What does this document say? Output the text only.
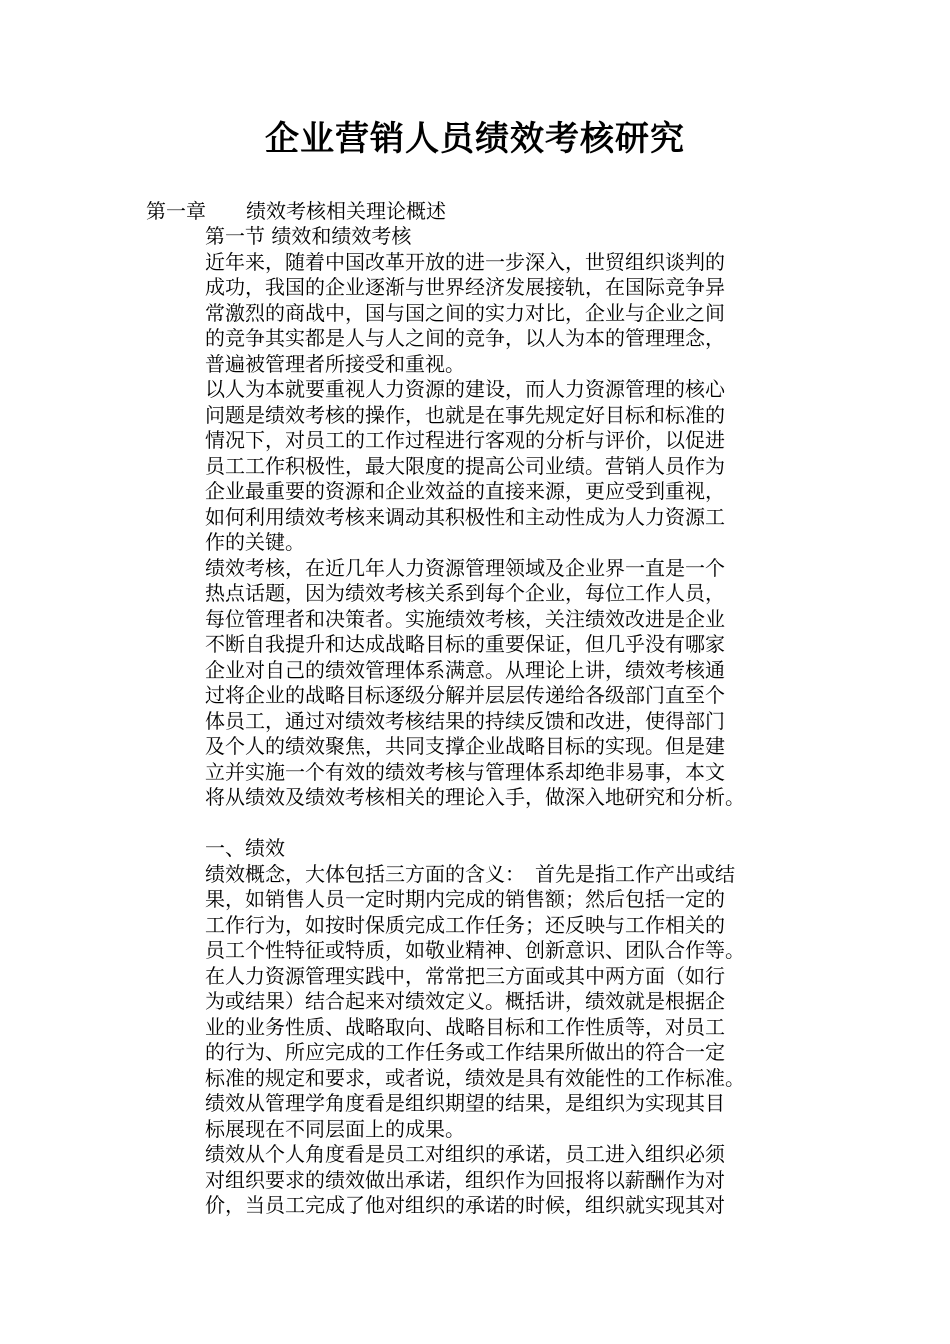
企业营销人员绩效考核研究
第一章　　绩效考核相关理论概述
第一节 绩效和绩效考核
近年来，随着中国改革开放的进一步深入，世贸组织谈判的
成功，我国的企业逐渐与世界经济发展接轨，在国际竞争异
常激烈的商战中，国与国之间的实力对比，企业与企业之间
的竞争其实都是人与人之间的竞争，以人为本的管理理念，
普遍被管理者所接受和重视。
以人为本就要重视人力资源的建设，而人力资源管理的核心
问题是绩效考核的操作，也就是在事先规定好目标和标准的
情况下，对员工的工作过程进行客观的分析与评价，以促进
员工工作积极性，最大限度的提高公司业绩。营销人员作为
企业最重要的资源和企业效益的直接来源，更应受到重视，
如何利用绩效考核来调动其积极性和主动性成为人力资源工
作的关键。
绩效考核，在近几年人力资源管理领域及企业界一直是一个
热点话题，因为绩效考核关系到每个企业，每位工作人员，
每位管理者和决策者。实施绩效考核，关注绩效改进是企业
不断自我提升和达成战略目标的重要保证，但几乎没有哪家
企业对自己的绩效管理体系满意。从理论上讲，绩效考核通
过将企业的战略目标逐级分解并层层传递给各级部门直至个
体员工，通过对绩效考核结果的持续反馈和改进，使得部门
及个人的绩效聚焦，共同支撑企业战略目标的实现。但是建
立并实施一个有效的绩效考核与管理体系却绝非易事，本文
将从绩效及绩效考核相关的理论入手，做深入地研究和分析。
一、绩效
绩效概念，大体包括三方面的含义：　首先是指工作产出或结
果，如销售人员一定时期内完成的销售额；然后包括一定的
工作行为，如按时保质完成工作任务；还反映与工作相关的
员工个性特征或特质，如敬业精神、创新意识、团队合作等。
在人力资源管理实践中，常常把三方面或其中两方面（如行
为或结果）结合起来对绩效定义。概括讲，绩效就是根据企
业的业务性质、战略取向、战略目标和工作性质等，对员工
的行为、所应完成的工作任务或工作结果所做出的符合一定
标准的规定和要求，或者说，绩效是具有效能性的工作标准。
绩效从管理学角度看是组织期望的结果，是组织为实现其目
标展现在不同层面上的成果。
绩效从个人角度看是员工对组织的承诺，员工进入组织必须
对组织要求的绩效做出承诺，组织作为回报将以薪酬作为对
价，当员工完成了他对组织的承诺的时候，组织就实现其对
